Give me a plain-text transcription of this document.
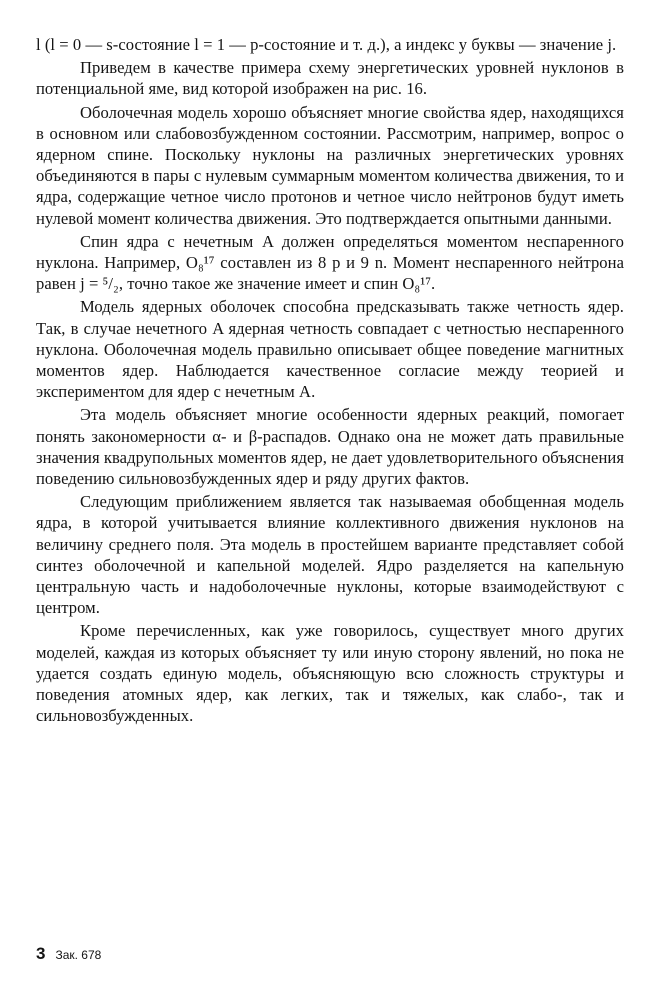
l (l = 0 — s-состояние l = 1 — p-состояние и т. д.), а индекс у буквы — значение j.

Приведем в качестве примера схему энергетических уровней нуклонов в потенциальной яме, вид которой изображен на рис. 16.

Оболочечная модель хорошо объясняет многие свойства ядер, находящихся в основном или слабовозбужденном состоянии. Рассмотрим, например, вопрос о ядерном спине. Поскольку нуклоны на различных энергетических уровнях объединяются в пары с нулевым суммарным моментом количества движения, то и ядра, содержащие четное число протонов и четное число нейтронов будут иметь нулевой момент количества движения. Это подтверждается опытными данными.

Спин ядра с нечетным A должен определяться моментом неспаренного нуклона. Например, O₈¹⁷ составлен из 8 p и 9 n. Момент неспаренного нейтрона равен j = ⁵/₂, точно такое же значение имеет и спин O₈¹⁷.

Модель ядерных оболочек способна предсказывать также четность ядер. Так, в случае нечетного A ядерная четность совпадает с четностью неспаренного нуклона. Оболочечная модель правильно описывает общее поведение магнитных моментов ядер. Наблюдается качественное согласие между теорией и экспериментом для ядер с нечетным A.

Эта модель объясняет многие особенности ядерных реакций, помогает понять закономерности α- и β-распадов. Однако она не может дать правильные значения квадрупольных моментов ядер, не дает удовлетворительного объяснения поведению сильновозбужденных ядер и ряду других фактов.

Следующим приближением является так называемая обобщенная модель ядра, в которой учитывается влияние коллективного движения нуклонов на величину среднего поля. Эта модель в простейшем варианте представляет собой синтез оболочечной и капельной моделей. Ядро разделяется на капельную центральную часть и надоболочечные нуклоны, которые взаимодействуют с центром.

Кроме перечисленных, как уже говорилось, существует много других моделей, каждая из которых объясняет ту или иную сторону явлений, но пока не удается создать единую модель, объясняющую всю сложность структуры и поведения атомных ядер, как легких, так и тяжелых, как слабо-, так и сильновозбужденных.

3 Зак. 678
